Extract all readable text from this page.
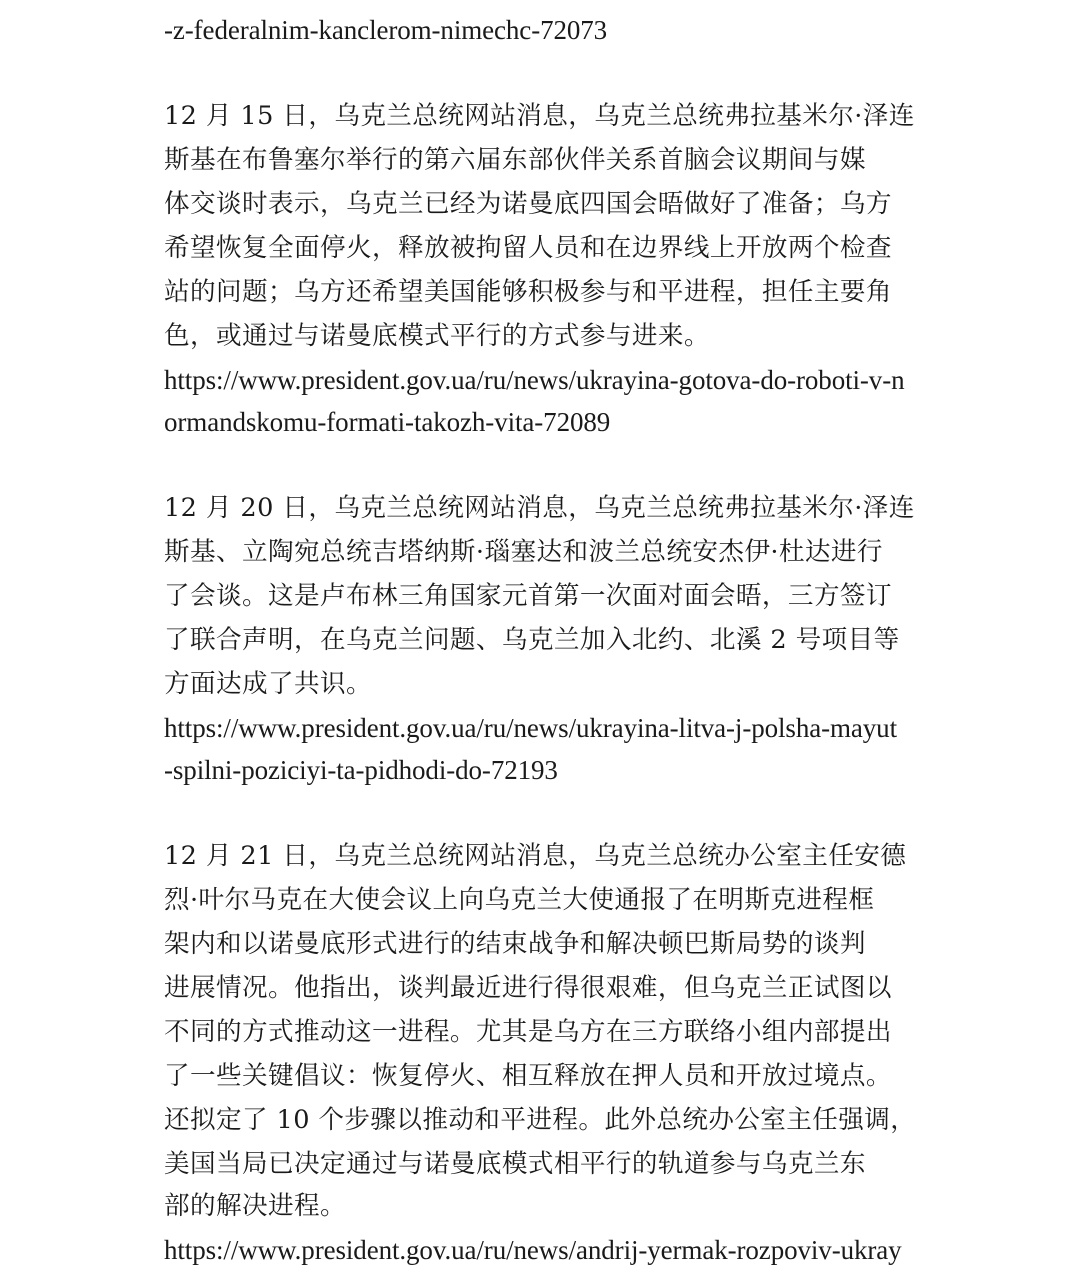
-z-federalnim-kanclerom-nimechc-72073

12 月 15 日，乌克兰总统网站消息，乌克兰总统弗拉基米尔·泽连

斯基在布鲁塞尔举行的第六届东部伙伴关系首脑会议期间与媒

体交谈时表示，乌克兰已经为诺曼底四国会晤做好了准备；乌方

希望恢复全面停火，释放被拘留人员和在边界线上开放两个检查

站的问题；乌方还希望美国能够积极参与和平进程，担任主要角

色，或通过与诺曼底模式平行的方式参与进来。

https://www.president.gov.ua/ru/news/ukrayina-gotova-do-roboti-v-n
ormandskomu-formati-takozh-vita-72089

12 月 20 日，乌克兰总统网站消息，乌克兰总统弗拉基米尔·泽连

斯基、立陶宛总统吉塔纳斯·瑙塞达和波兰总统安杰伊·杜达进行

了会谈。这是卢布林三角国家元首第一次面对面会晤，三方签订

了联合声明，在乌克兰问题、乌克兰加入北约、北溪 2 号项目等

方面达成了共识。

https://www.president.gov.ua/ru/news/ukrayina-litva-j-polsha-mayut
-spilni-poziciyi-ta-pidhodi-do-72193

12 月 21 日，乌克兰总统网站消息，乌克兰总统办公室主任安德

烈·叶尔马克在大使会议上向乌克兰大使通报了在明斯克进程框

架内和以诺曼底形式进行的结束战争和解决顿巴斯局势的谈判

进展情况。他指出，谈判最近进行得很艰难，但乌克兰正试图以

不同的方式推动这一进程。尤其是乌方在三方联络小组内部提出

了一些关键倡议：恢复停火、相互释放在押人员和开放过境点。

还拟定了 10 个步骤以推动和平进程。此外总统办公室主任强调，

美国当局已决定通过与诺曼底模式相平行的轨道参与乌克兰东

部的解决进程。

https://www.president.gov.ua/ru/news/andrij-yermak-rozpoviv-ukray
